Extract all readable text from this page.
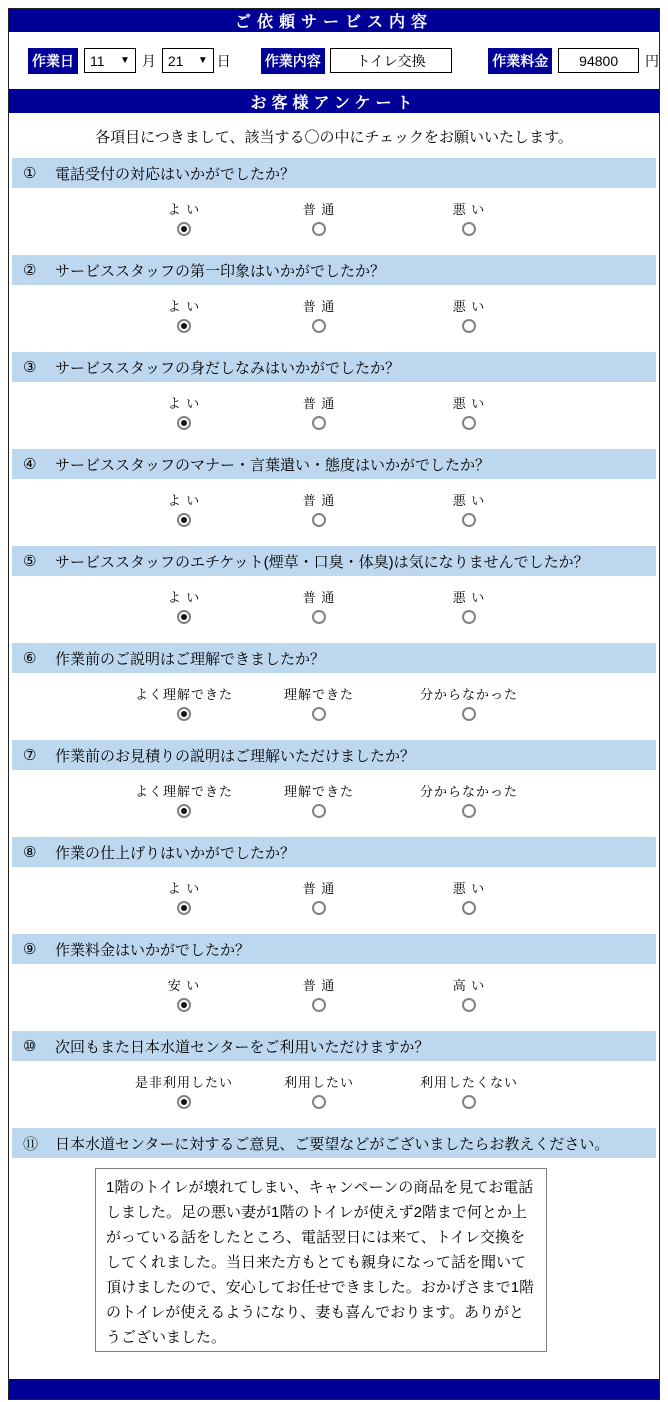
ご依頼サービス内容
作業日 11 ▼ 月 21 ▼ 日 作業内容	トイレ交換	作業料金 94800 円
お客様アンケート
各項目につきまして、該当する〇の中にチェックをお願いいたします。
①	電話受付の対応はいかがでしたか？
よ い	普 通	悪 い
②	サービススタッフの第一印象はいかがでしたか？
よ い	普 通	悪 い
③	サービススタッフの身だしなみはいかがでしたか？
よ い	普 通	悪 い
④	サービススタッフのマナー・言葉遣い・態度はいかがでしたか？
よ い	普 通	悪 い
⑤	サービススタッフのエチケット(煙草・口臭・体臭)は気になりませんでしたか？
よ い	普 通	悪 い
⑥	作業前のご説明はご理解できましたか？
よく理解できた	理解できた	分からなかった
⑦	作業前のお見積りの説明はご理解いただけましたか？
よく理解できた	理解できた	分からなかった
⑧	作業の仕上げりはいかがでしたか？
よ い	普 通	悪 い
⑨	作業料金はいかがでしたか？
安 い	普 通	高 い
⑩	次回もまた日本水道センターをご利用いただけますか？
是非利用したい	利用したい	利用したくない
⑪	日本水道センターに対するご意見、ご要望などがございましたらお教えください。
1階のトイレが壊れてしまい、キャンペーンの商品を見てお電話しました。足の悪い妻が1階のトイレが使えず2階まで何とか上がっている話をしたところ、電話翌日には来て、トイレ交換をしてくれました。当日来た方もとても親身になって話を聞いて頂けましたので、安心してお任せできました。おかげさまで1階のトイレが使えるようになり、妻も喜んでおります。ありがとうございました。
